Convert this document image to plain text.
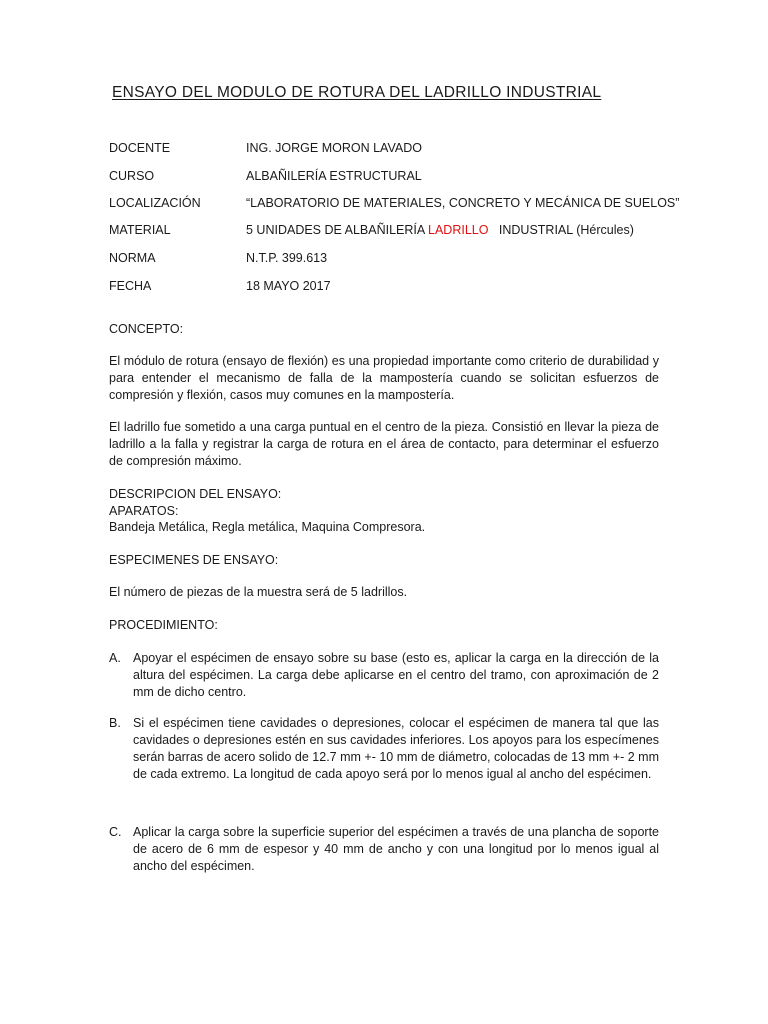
ENSAYO DEL MODULO DE ROTURA DEL LADRILLO INDUSTRIAL
DOCENTE	ING. JORGE MORON LAVADO
CURSO	ALBAÑILERÍA ESTRUCTURAL
LOCALIZACIÓN	“LABORATORIO DE MATERIALES, CONCRETO Y MECÁNICA DE SUELOS”
MATERIAL	5 UNIDADES DE ALBAÑILERÍA LADRILLO   INDUSTRIAL (Hércules)
NORMA	N.T.P. 399.613
FECHA	18 MAYO 2017
CONCEPTO:
El módulo de rotura (ensayo de flexión) es una propiedad importante como criterio de durabilidad y para entender el mecanismo de falla de la mampostería cuando se solicitan esfuerzos de compresión y flexión, casos muy comunes en la mampostería.
El ladrillo fue sometido a una carga puntual en el centro de la pieza. Consistió en llevar la pieza de ladrillo a la falla y registrar la carga de rotura en el área de contacto, para determinar el esfuerzo de compresión máximo.
DESCRIPCION DEL ENSAYO:
APARATOS:
Bandeja Metálica, Regla metálica, Maquina Compresora.
ESPECIMENES DE ENSAYO:
El número de piezas de la muestra será de 5 ladrillos.
PROCEDIMIENTO:
A. Apoyar el espécimen de ensayo sobre su base (esto es, aplicar la carga en la dirección de la altura del espécimen. La carga debe aplicarse en el centro del tramo, con aproximación de 2 mm de dicho centro.
B. Si el espécimen tiene cavidades o depresiones, colocar el espécimen de manera tal que las cavidades o depresiones estén en sus cavidades inferiores. Los apoyos para los especímenes serán barras de acero solido de 12.7 mm +- 10 mm de diámetro, colocadas de 13 mm +- 2 mm de cada extremo. La longitud de cada apoyo será por lo menos igual al ancho del espécimen.
C. Aplicar la carga sobre la superficie superior del espécimen a través de una plancha de soporte de acero de 6 mm de espesor y 40 mm de ancho y con una longitud por lo menos igual al ancho del espécimen.
